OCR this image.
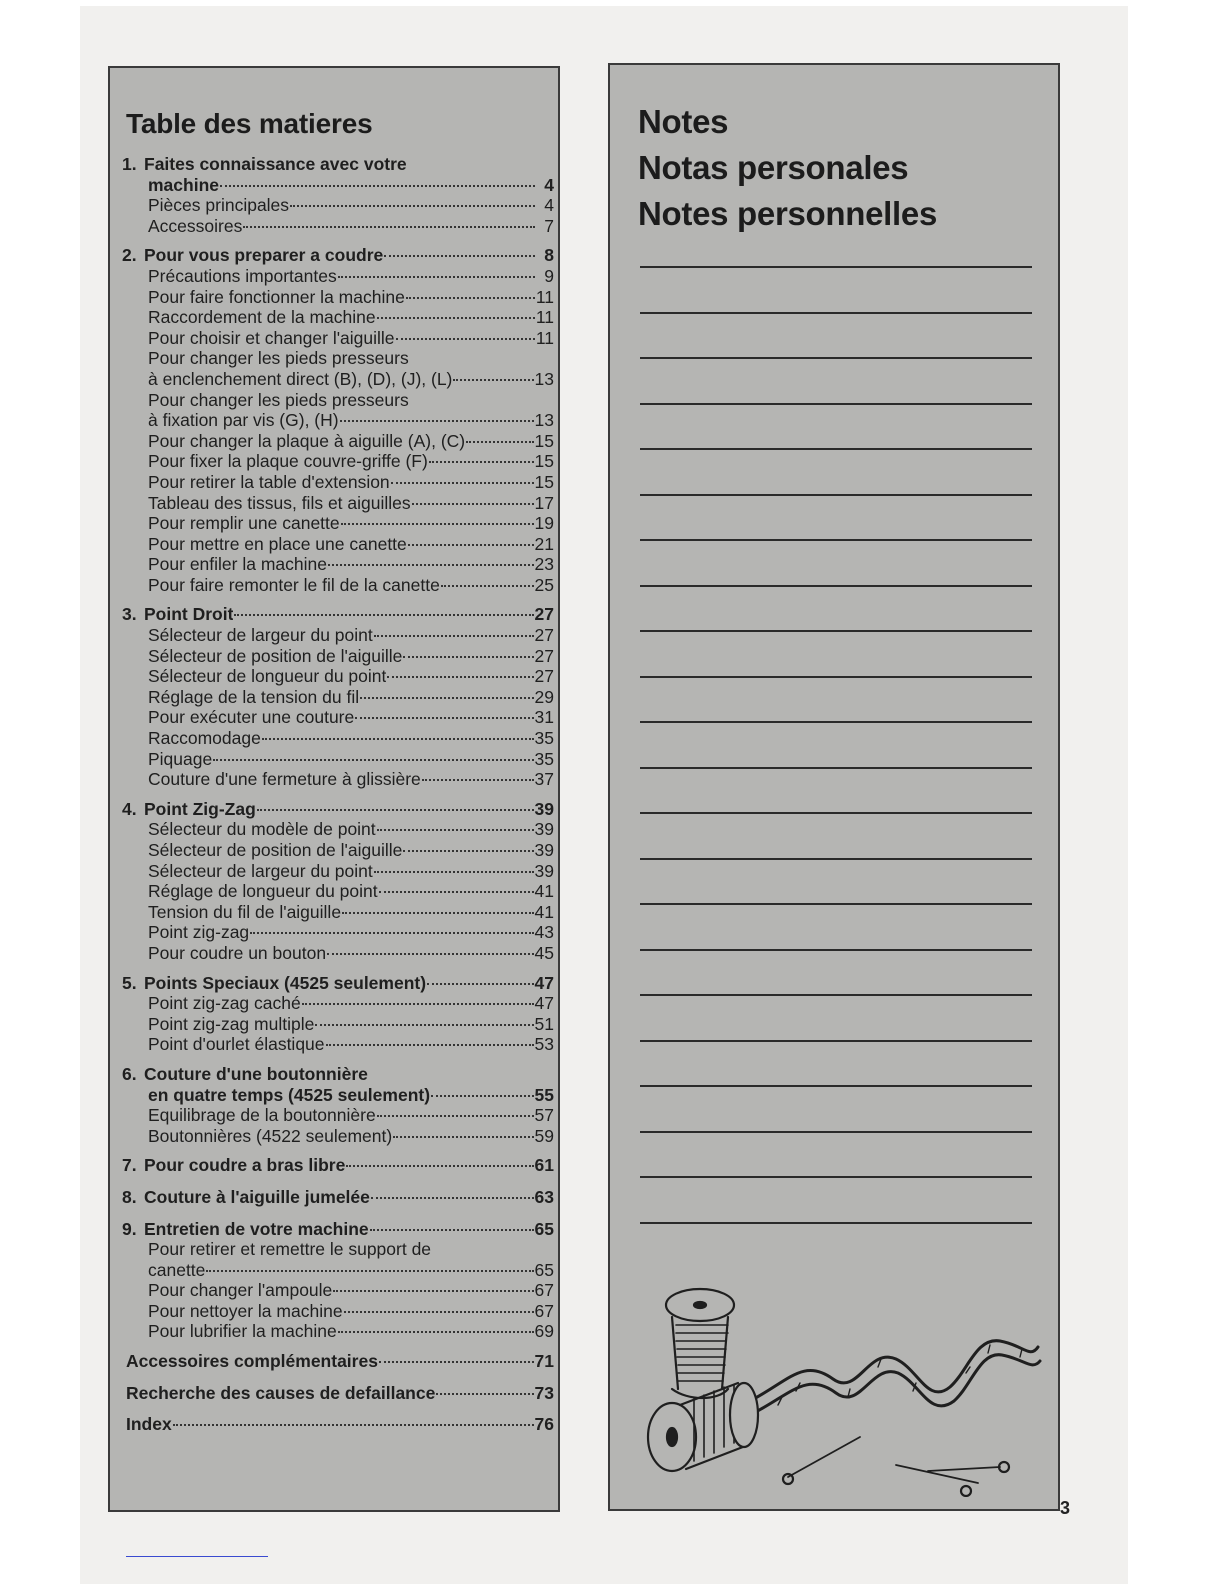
Table des matieres
1. Faites connaissance avec votre
machine	4
Pièces principales	4
Accessoires	7
2. Pour vous preparer a coudre	8
Précautions importantes	9
Pour faire fonctionner la machine	11
Raccordement de la machine	11
Pour choisir et changer l'aiguille	11
Pour changer les pieds presseurs
à enclenchement direct (B), (D), (J), (L)	13
Pour changer les pieds presseurs
à fixation par vis (G), (H)	13
Pour changer la plaque à aiguille (A), (C)	15
Pour fixer la plaque couvre-griffe (F)	15
Pour retirer la table d'extension	15
Tableau des tissus, fils et aiguilles	17
Pour remplir une canette	19
Pour mettre en place une canette	21
Pour enfiler la machine	23
Pour faire remonter le fil de la canette	25
3. Point Droit	27
Sélecteur de largeur du point	27
Sélecteur de position de l'aiguille	27
Sélecteur de longueur du point	27
Réglage de la tension du fil	29
Pour exécuter une couture	31
Raccomodage	35
Piquage	35
Couture d'une fermeture à glissière	37
4. Point Zig-Zag	39
Sélecteur du modèle de point	39
Sélecteur de position de l'aiguille	39
Sélecteur de largeur du point	39
Réglage de longueur du point	41
Tension du fil de l'aiguille	41
Point zig-zag	43
Pour coudre un bouton	45
5. Points Speciaux (4525 seulement)	47
Point zig-zag caché	47
Point zig-zag multiple	51
Point d'ourlet élastique	53
6. Couture d'une boutonnière
en quatre temps (4525 seulement)	55
Equilibrage de la boutonnière	57
Boutonnières (4522 seulement)	59
7. Pour coudre a bras libre	61
8. Couture à l'aiguille jumelée	63
9. Entretien de votre machine	65
Pour retirer et remettre le support de
canette	65
Pour changer l'ampoule	67
Pour nettoyer la machine	67
Pour lubrifier la machine	69
Accessoires complémentaires	71
Recherche des causes de defaillance	73
Index	76
Notes
Notas personales
Notes personnelles
3
